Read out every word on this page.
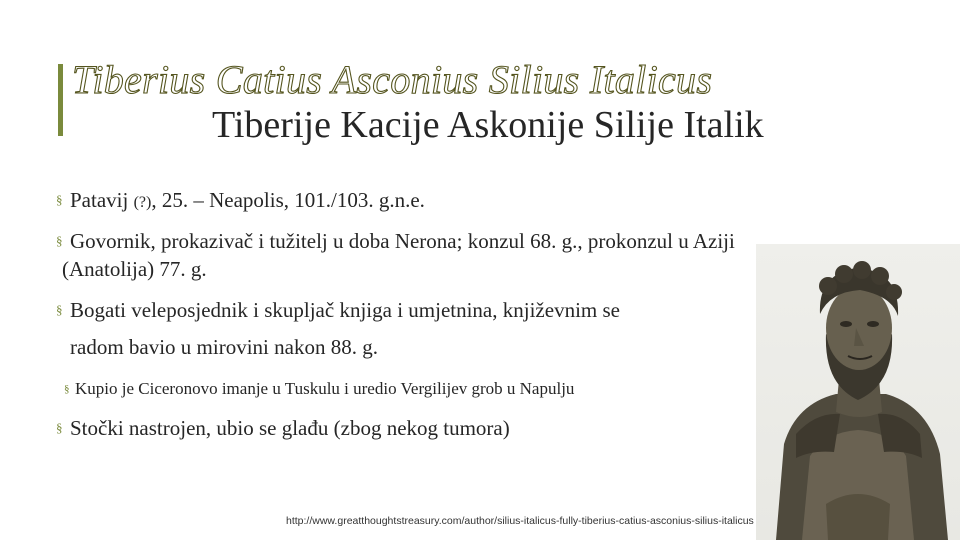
Tiberius Catius Asconius Silius Italicus
Tiberije Kacije Askonije Silije Italik
§ Patavij (?), 25. – Neapolis, 101./103. g.n.e.
§ Govornik, prokazivač i tužitelj u doba Nerona; konzul 68. g., prokonzul u Aziji
(Anatolija) 77. g.
§ Bogati veleposjednik i skupljač knjiga i umjetnina, književnim se
radom bavio u mirovini nakon 88. g.
§ Kupio je Ciceronovo imanje u Tuskulu i uredio Vergilijev grob u Napulju
§ Stočki nastrojen, ubio se glađu (zbog nekog tumora)
http://www.greatthoughtstreasury.com/author/silius-italicus-fully-tiberius-catius-asconius-silius-italicus
